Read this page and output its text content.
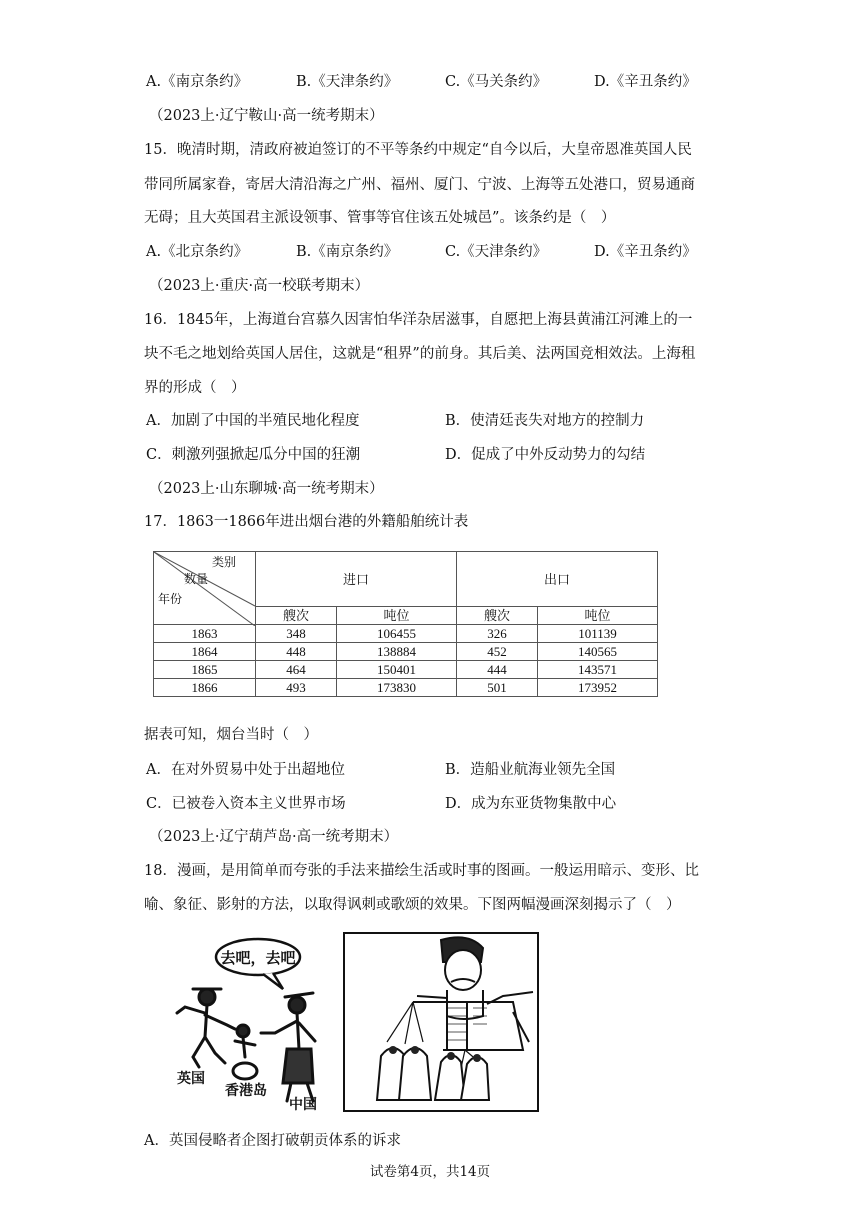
A.《南京条约》	B.《天津条约》	C.《马关条约》	D.《辛丑条约》
（2023上·辽宁鞍山·高一统考期末）
15．晚清时期，清政府被迫签订的不平等条约中规定“自今以后，大皇帝恩准英国人民
带同所属家眷，寄居大清沿海之广州、福州、厦门、宁波、上海等五处港口，贸易通商
无碍；且大英国君主派设领事、管事等官住该五处城邑”。该条约是（　）
A.《北京条约》	B.《南京条约》	C.《天津条约》	D.《辛丑条约》
（2023上·重庆·高一校联考期末）
16．1845年，上海道台宫慕久因害怕华洋杂居滋事，自愿把上海县黄浦江河滩上的一
块不毛之地划给英国人居住，这就是“租界”的前身。其后美、法两国竞相效法。上海租
界的形成（　）
A．加剧了中国的半殖民地化程度	B．使清廷丧失对地方的控制力
C．刺激列强掀起瓜分中国的狂潮	D．促成了中外反动势力的勾结
（2023上·山东聊城·高一统考期末）
17．1863一1866年进出烟台港的外籍船舶统计表
类别
数量
年份	进口		出口	
	艘次	吨位	艘次	吨位
1863	348	106455	326	101139
1864	448	138884	452	140565
1865	464	150401	444	143571
1866	493	173830	501	173952
据表可知，烟台当时（　）
A．在对外贸易中处于出超地位	B．造船业航海业领先全国
C．已被卷入资本主义世界市场	D．成为东亚货物集散中心
（2023上·辽宁葫芦岛·高一统考期末）
18．漫画，是用简单而夸张的手法来描绘生活或时事的图画。一般运用暗示、变形、比
喻、象征、影射的方法，以取得讽刺或歌颂的效果。下图两幅漫画深刻揭示了（　）
去吧，去吧
英国
香港岛
中国
A．英国侵略者企图打破朝贡体系的诉求
试卷第4页，共14页
